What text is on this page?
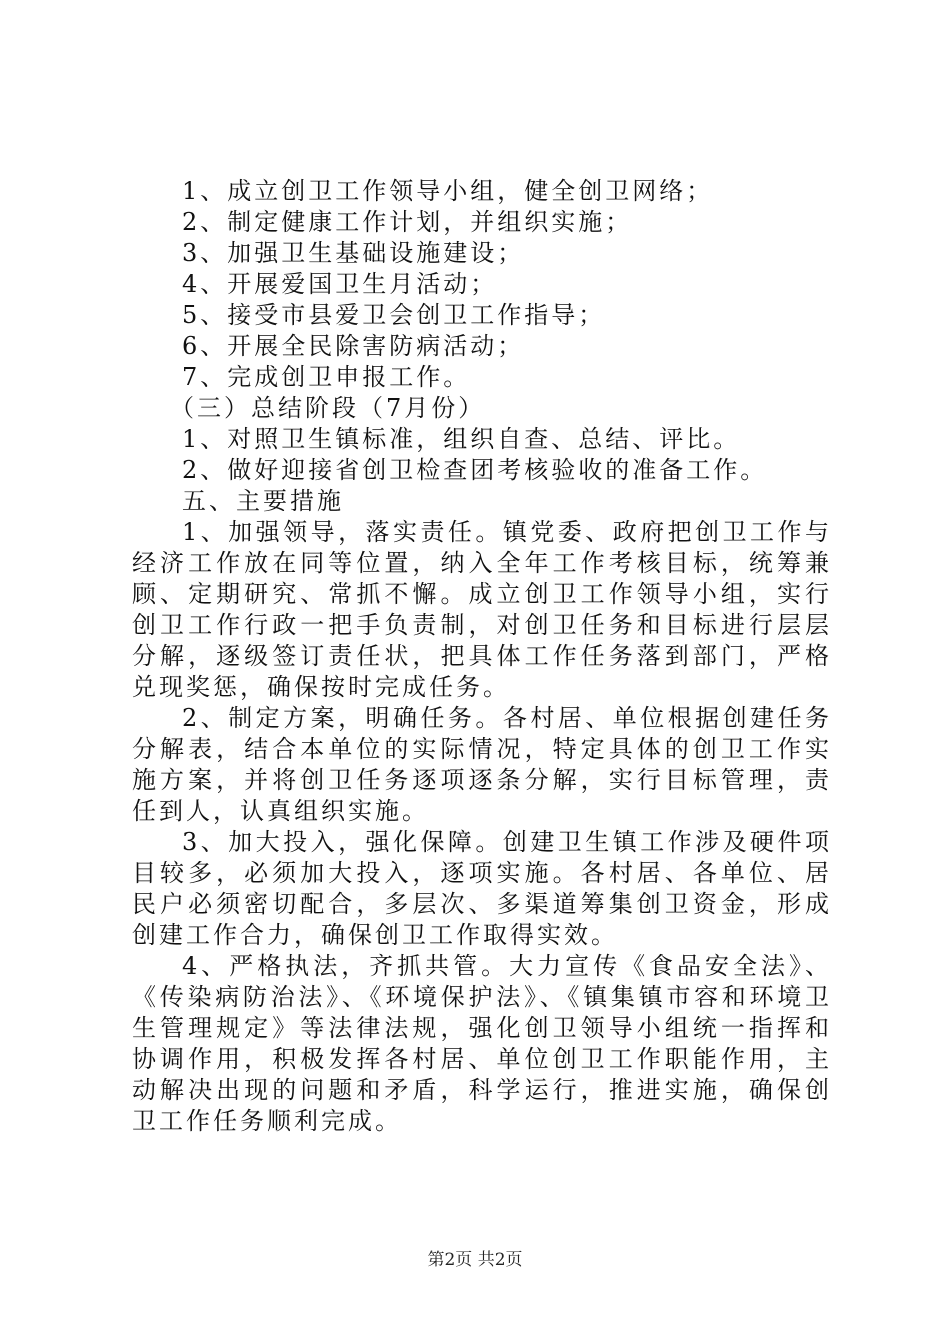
1、成立创卫工作领导小组，健全创卫网络；
2、制定健康工作计划，并组织实施；
3、加强卫生基础设施建设；
4、开展爱国卫生月活动；
5、接受市县爱卫会创卫工作指导；
6、开展全民除害防病活动；
7、完成创卫申报工作。
（三）总结阶段（7月份）
1、对照卫生镇标准，组织自查、总结、评比。
2、做好迎接省创卫检查团考核验收的准备工作。
五、主要措施
1、加强领导，落实责任。镇党委、政府把创卫工作与经济工作放在同等位置，纳入全年工作考核目标，统筹兼顾、定期研究、常抓不懈。成立创卫工作领导小组，实行创卫工作行政一把手负责制，对创卫任务和目标进行层层分解，逐级签订责任状，把具体工作任务落到部门，严格兑现奖惩，确保按时完成任务。
2、制定方案，明确任务。各村居、单位根据创建任务分解表，结合本单位的实际情况，特定具体的创卫工作实施方案，并将创卫任务逐项逐条分解，实行目标管理，责任到人，认真组织实施。
3、加大投入，强化保障。创建卫生镇工作涉及硬件项目较多，必须加大投入，逐项实施。各村居、各单位、居民户必须密切配合，多层次、多渠道筹集创卫资金，形成创建工作合力，确保创卫工作取得实效。
4、严格执法，齐抓共管。大力宣传《食品安全法》、《传染病防治法》、《环境保护法》、《镇集镇市容和环境卫生管理规定》等法律法规，强化创卫领导小组统一指挥和协调作用，积极发挥各村居、单位创卫工作职能作用，主动解决出现的问题和矛盾，科学运行，推进实施，确保创卫工作任务顺利完成。
第2页 共2页
